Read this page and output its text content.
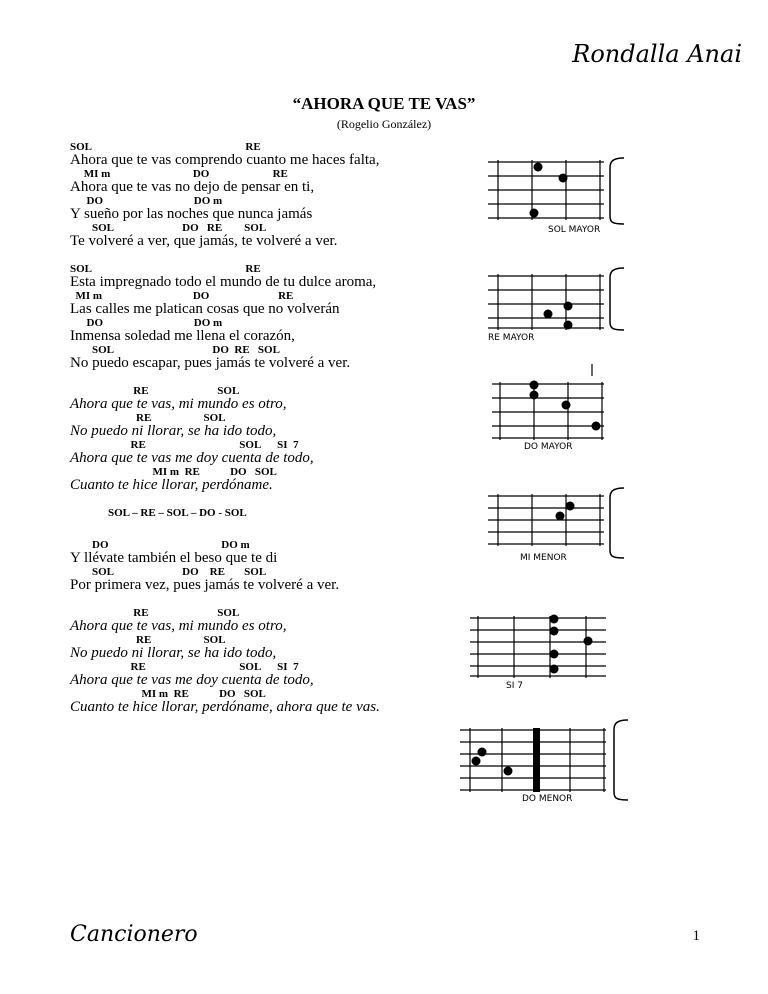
Rondalla Anai
“AHORA QUE TE VAS”
(Rogelio González)
SOL                                                        RE
Ahora que te vas comprendo cuanto me haces falta,
MI m                              DO                       RE
Ahora que te vas no dejo de pensar en ti,
DO                                 DO m
Y sueño por las noches que nunca jamás
SOL                         DO   RE        SOL
Te volveré a ver, que jamás, te volveré a ver.
SOL                                                        RE
Esta impregnado todo el mundo de tu dulce aroma,
MI m                                 DO                         RE
Las calles me platican cosas que no volverán
DO                                 DO m
Inmensa soledad me llena el corazón,
SOL                                    DO  RE   SOL
No puedo escapar, pues jamás te volveré a ver.
RE                         SOL
Ahora que te vas, mi mundo es otro,
RE                   SOL
No puedo ni llorar, se ha ido todo,
RE                                  SOL      SI  7
Ahora que te vas me doy cuenta de todo,
MI m  RE           DO   SOL
Cuanto te hice llorar, perdóname.
SOL – RE – SOL – DO - SOL
DO                                         DO m
Y llévate también el beso que te di
SOL                         DO    RE       SOL
Por primera vez, pues jamás te volveré a ver.
RE                         SOL
Ahora que te vas, mi mundo es otro,
RE                   SOL
No puedo ni llorar, se ha ido todo,
RE                                  SOL      SI  7
Ahora que te vas me doy cuenta de todo,
MI m  RE           DO   SOL
Cuanto te hice llorar, perdóname, ahora que te vas.
SOL MAYOR
RE MAYOR
DO MAYOR
MI MENOR
SI 7
DO MENOR
Cancionero	1
